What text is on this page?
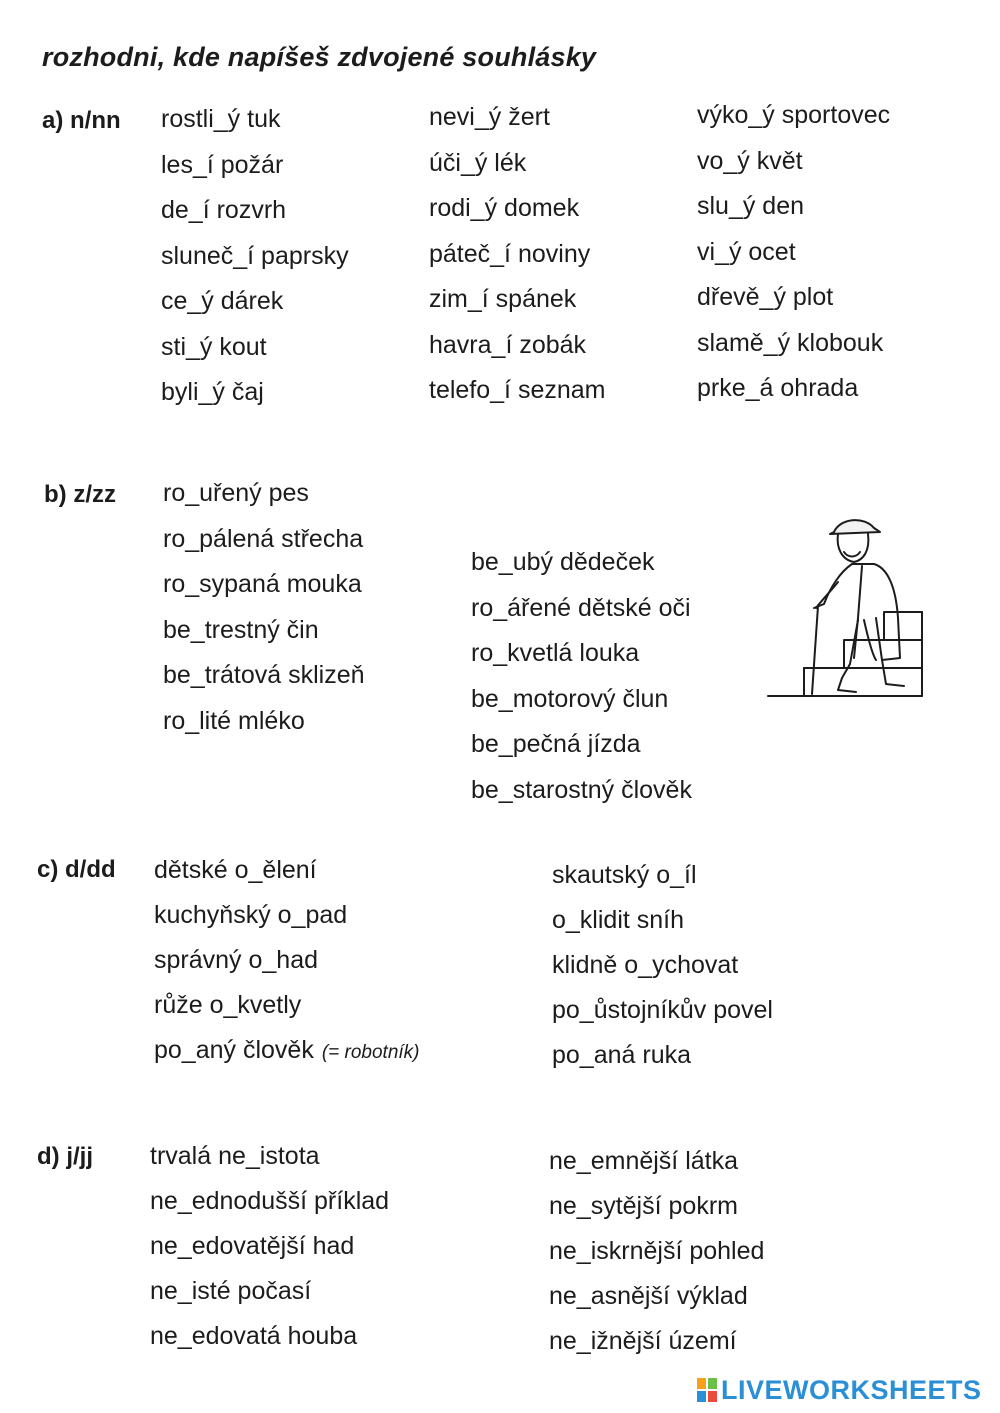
rozhodni, kde napíšeš zdvojené souhlásky
a) n/nn rostli_ý tuk
les_í požár
de_í rozvrh
sluneč_í paprsky
ce_ý dárek
sti_ý kout
byli_ý čaj
nevi_ý žert
úči_ý lék
rodi_ý domek
páteč_í noviny
zim_í spánek
havra_í zobák
telefo_í seznam
výko_ý sportovec
vo_ý květ
slu_ý den
vi_ý ocet
dřevě_ý plot
slamě_ý klobouk
prke_á ohrada
b) z/zz ro_uřený pes
ro_pálená střecha
ro_sypaná mouka
be_trestný čin
be_trátová sklizeň
ro_lité mléko
be_ubý dědeček
ro_ářené dětské oči
ro_kvetlá louka
be_motorový člun
be_pečná jízda
be_starostný člověk
c) d/dd dětské o_ělení
kuchyňský o_pad
správný o_had
růže o_kvetly
po_aný člověk (= robotník)
skautský o_íl
o_klidit sníh
klidně o_ychovat
po_ůstojníkův povel
po_aná ruka
d) j/jj trvalá ne_istota
ne_ednodušší příklad
ne_edovatější had
ne_isté počasí
ne_edovatá houba
ne_emnější látka
ne_sytější pokrm
ne_iskrnější pohled
ne_asnější výklad
ne_ižnější území
LIVEWORKSHEETS
